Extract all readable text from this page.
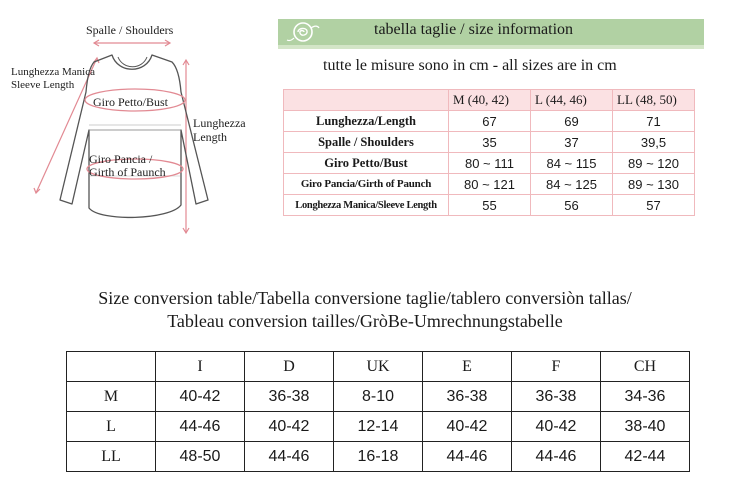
Spalle / Shoulders
Lunghezza Manica
Sleeve Length
Giro Petto/Bust
Lunghezza
Length
Giro Pancia /
Girth of Paunch
tabella taglie / size information
tutte le misure sono in cm - all sizes are in cm
	M (40, 42)	L (44, 46)	LL (48, 50)
Lunghezza/Length	67	69	71
Spalle / Shoulders	35	37	39,5
Giro Petto/Bust	80 ~ 111	84 ~ 115	89 ~ 120
Giro Pancia/Girth of Paunch	80 ~ 121	84 ~ 125	89 ~ 130
Longhezza Manica/Sleeve Length	55	56	57
Size conversion table/Tabella conversione taglie/tablero conversiòn tallas/
Tableau conversion tailles/GròBe-Umrechnungstabelle
	I	D	UK	E	F	CH
M	40-42	36-38	8-10	36-38	36-38	34-36
L	44-46	40-42	12-14	40-42	40-42	38-40
LL	48-50	44-46	16-18	44-46	44-46	42-44
